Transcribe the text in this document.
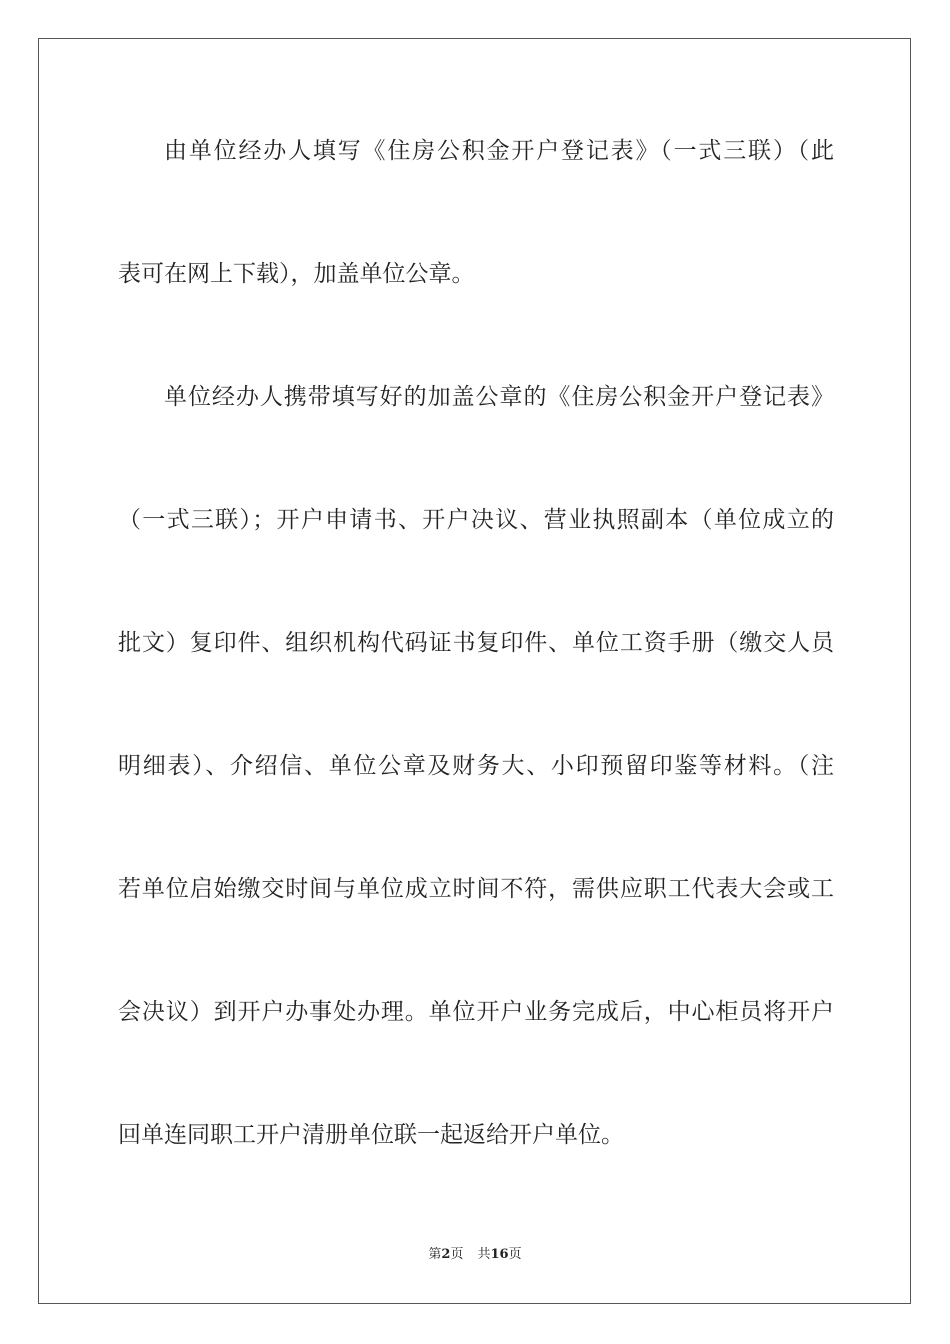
由单位经办人填写《住房公积金开户登记表》（一式三联）（此
表可在网上下载），加盖单位公章。
单位经办人携带填写好的加盖公章的《住房公积金开户登记表》
（一式三联）；开户申请书、开户决议、营业执照副本（单位成立的
批文）复印件、组织机构代码证书复印件、单位工资手册（缴交人员
明细表）、介绍信、单位公章及财务大、小印预留印鉴等材料。（注
若单位启始缴交时间与单位成立时间不符，需供应职工代表大会或工
会决议）到开户办事处办理。单位开户业务完成后，中心柜员将开户
回单连同职工开户清册单位联一起返给开户单位。
第2页 共16页
